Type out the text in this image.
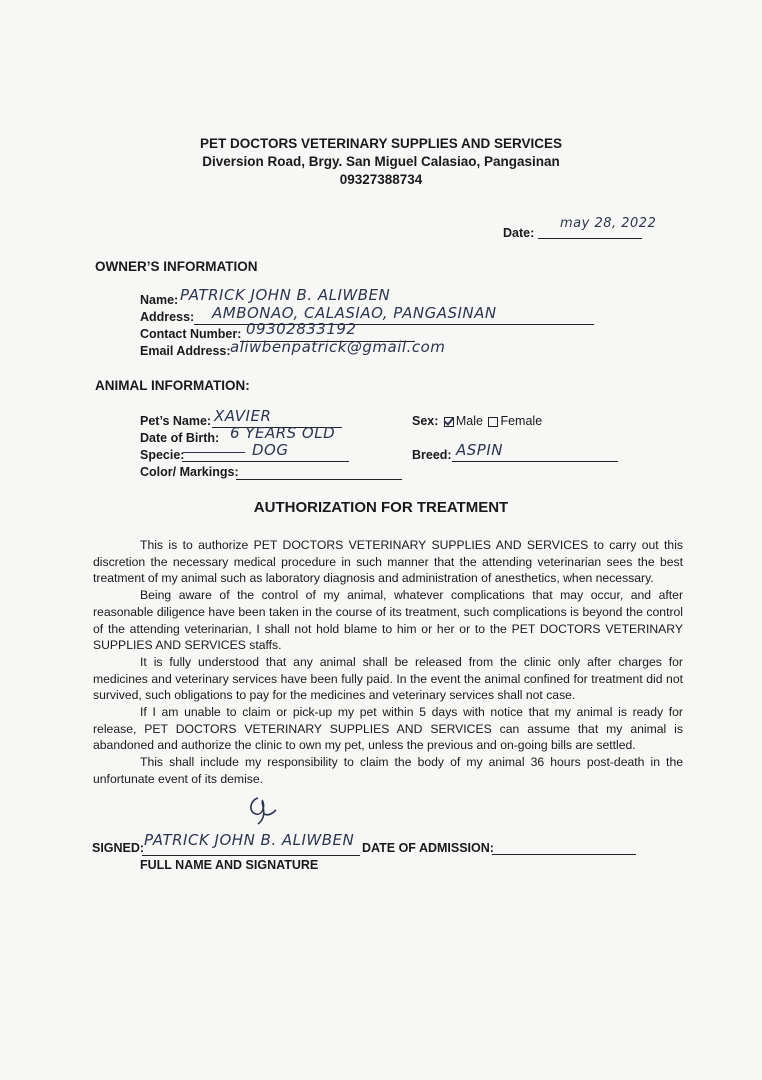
PET DOCTORS VETERINARY SUPPLIES AND SERVICES
Diversion Road, Brgy. San Miguel Calasiao, Pangasinan
09327388734
Date:
may 28, 2022
OWNER’S INFORMATION
Name: PATRICK JOHN B. ALIWBEN
Address: AMBONAO, CALASIAO, PANGASINAN
Contact Number: 09302833192
Email Address: aliwbenpatrick@gmail.com
ANIMAL INFORMATION:
Pet’s Name: XAVIER
Date of Birth: 6 YEARS OLD
Specie:	DOG
Color/ Markings:
Sex: Male Female
Breed: ASPIN
AUTHORIZATION FOR TREATMENT

This is to authorize PET DOCTORS VETERINARY SUPPLIES AND SERVICES to carry out this discretion the necessary medical procedure in such manner that the attending veterinarian sees the best treatment of my animal such as laboratory diagnosis and administration of anesthetics, when necessary.

Being aware of the control of my animal, whatever complications that may occur, and after reasonable diligence have been taken in the course of its treatment, such complications is beyond the control of the attending veterinarian, I shall not hold blame to him or her or to the PET DOCTORS VETERINARY SUPPLIES AND SERVICES staffs.

It is fully understood that any animal shall be released from the clinic only after charges for medicines and veterinary services have been fully paid. In the event the animal confined for treatment did not survived, such obligations to pay for the medicines and veterinary services shall not case.

If I am unable to claim or pick-up my pet within 5 days with notice that my animal is ready for release, PET DOCTORS VETERINARY SUPPLIES AND SERVICES can assume that my animal is abandoned and authorize the clinic to own my pet, unless the previous and on-going bills are settled.

This shall include my responsibility to claim the body of my animal 36 hours post-death in the unfortunate event of its demise.

SIGNED: PATRICK JOHN B. ALIWBEN
FULL NAME AND SIGNATURE
DATE OF ADMISSION:
